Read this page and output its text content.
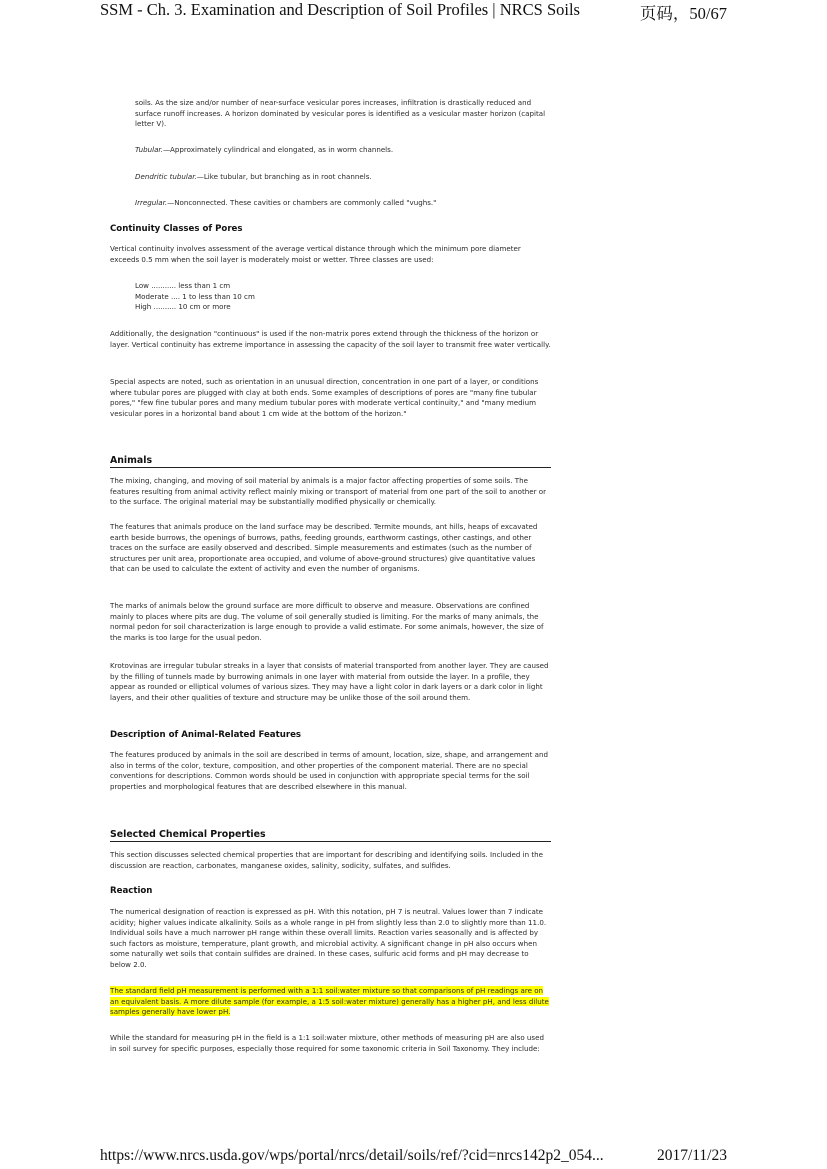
SSM - Ch. 3. Examination and Description of Soil Profiles | NRCS Soils	页码，50/67

soils. As the size and/or number of near-surface vesicular pores increases, infiltration is drastically reduced and surface runoff increases. A horizon dominated by vesicular pores is identified as a vesicular master horizon (capital letter V).

Tubular.—Approximately cylindrical and elongated, as in worm channels.

Dendritic tubular.—Like tubular, but branching as in root channels.

Irregular.—Nonconnected. These cavities or chambers are commonly called "vughs."

Continuity Classes of Pores

Vertical continuity involves assessment of the average vertical distance through which the minimum pore diameter exceeds 0.5 mm when the soil layer is moderately moist or wetter. Three classes are used:

Low ........... less than 1 cm
Moderate .... 1 to less than 10 cm
High .......... 10 cm or more

Additionally, the designation "continuous" is used if the non-matrix pores extend through the thickness of the horizon or layer. Vertical continuity has extreme importance in assessing the capacity of the soil layer to transmit free water vertically.

Special aspects are noted, such as orientation in an unusual direction, concentration in one part of a layer, or conditions where tubular pores are plugged with clay at both ends. Some examples of descriptions of pores are "many fine tubular pores," "few fine tubular pores and many medium tubular pores with moderate vertical continuity," and "many medium vesicular pores in a horizontal band about 1 cm wide at the bottom of the horizon."

Animals

The mixing, changing, and moving of soil material by animals is a major factor affecting properties of some soils. The features resulting from animal activity reflect mainly mixing or transport of material from one part of the soil to another or to the surface. The original material may be substantially modified physically or chemically.

The features that animals produce on the land surface may be described. Termite mounds, ant hills, heaps of excavated earth beside burrows, the openings of burrows, paths, feeding grounds, earthworm castings, other castings, and other traces on the surface are easily observed and described. Simple measurements and estimates (such as the number of structures per unit area, proportionate area occupied, and volume of above-ground structures) give quantitative values that can be used to calculate the extent of activity and even the number of organisms.

The marks of animals below the ground surface are more difficult to observe and measure. Observations are confined mainly to places where pits are dug. The volume of soil generally studied is limiting. For the marks of many animals, the normal pedon for soil characterization is large enough to provide a valid estimate. For some animals, however, the size of the marks is too large for the usual pedon.

Krotovinas are irregular tubular streaks in a layer that consists of material transported from another layer. They are caused by the filling of tunnels made by burrowing animals in one layer with material from outside the layer. In a profile, they appear as rounded or elliptical volumes of various sizes. They may have a light color in dark layers or a dark color in light layers, and their other qualities of texture and structure may be unlike those of the soil around them.

Description of Animal-Related Features

The features produced by animals in the soil are described in terms of amount, location, size, shape, and arrangement and also in terms of the color, texture, composition, and other properties of the component material. There are no special conventions for descriptions. Common words should be used in conjunction with appropriate special terms for the soil properties and morphological features that are described elsewhere in this manual.

Selected Chemical Properties

This section discusses selected chemical properties that are important for describing and identifying soils. Included in the discussion are reaction, carbonates, manganese oxides, salinity, sodicity, sulfates, and sulfides.

Reaction

The numerical designation of reaction is expressed as pH. With this notation, pH 7 is neutral. Values lower than 7 indicate acidity; higher values indicate alkalinity. Soils as a whole range in pH from slightly less than 2.0 to slightly more than 11.0. Individual soils have a much narrower pH range within these overall limits. Reaction varies seasonally and is affected by such factors as moisture, temperature, plant growth, and microbial activity. A significant change in pH also occurs when some naturally wet soils that contain sulfides are drained. In these cases, sulfuric acid forms and pH may decrease to below 2.0.

The standard field pH measurement is performed with a 1:1 soil:water mixture so that comparisons of pH readings are on an equivalent basis. A more dilute sample (for example, a 1:5 soil:water mixture) generally has a higher pH, and less dilute samples generally have lower pH.

While the standard for measuring pH in the field is a 1:1 soil:water mixture, other methods of measuring pH are also used in soil survey for specific purposes, especially those required for some taxonomic criteria in Soil Taxonomy. They include:

https://www.nrcs.usda.gov/wps/portal/nrcs/detail/soils/ref/?cid=nrcs142p2_054...	2017/11/23
